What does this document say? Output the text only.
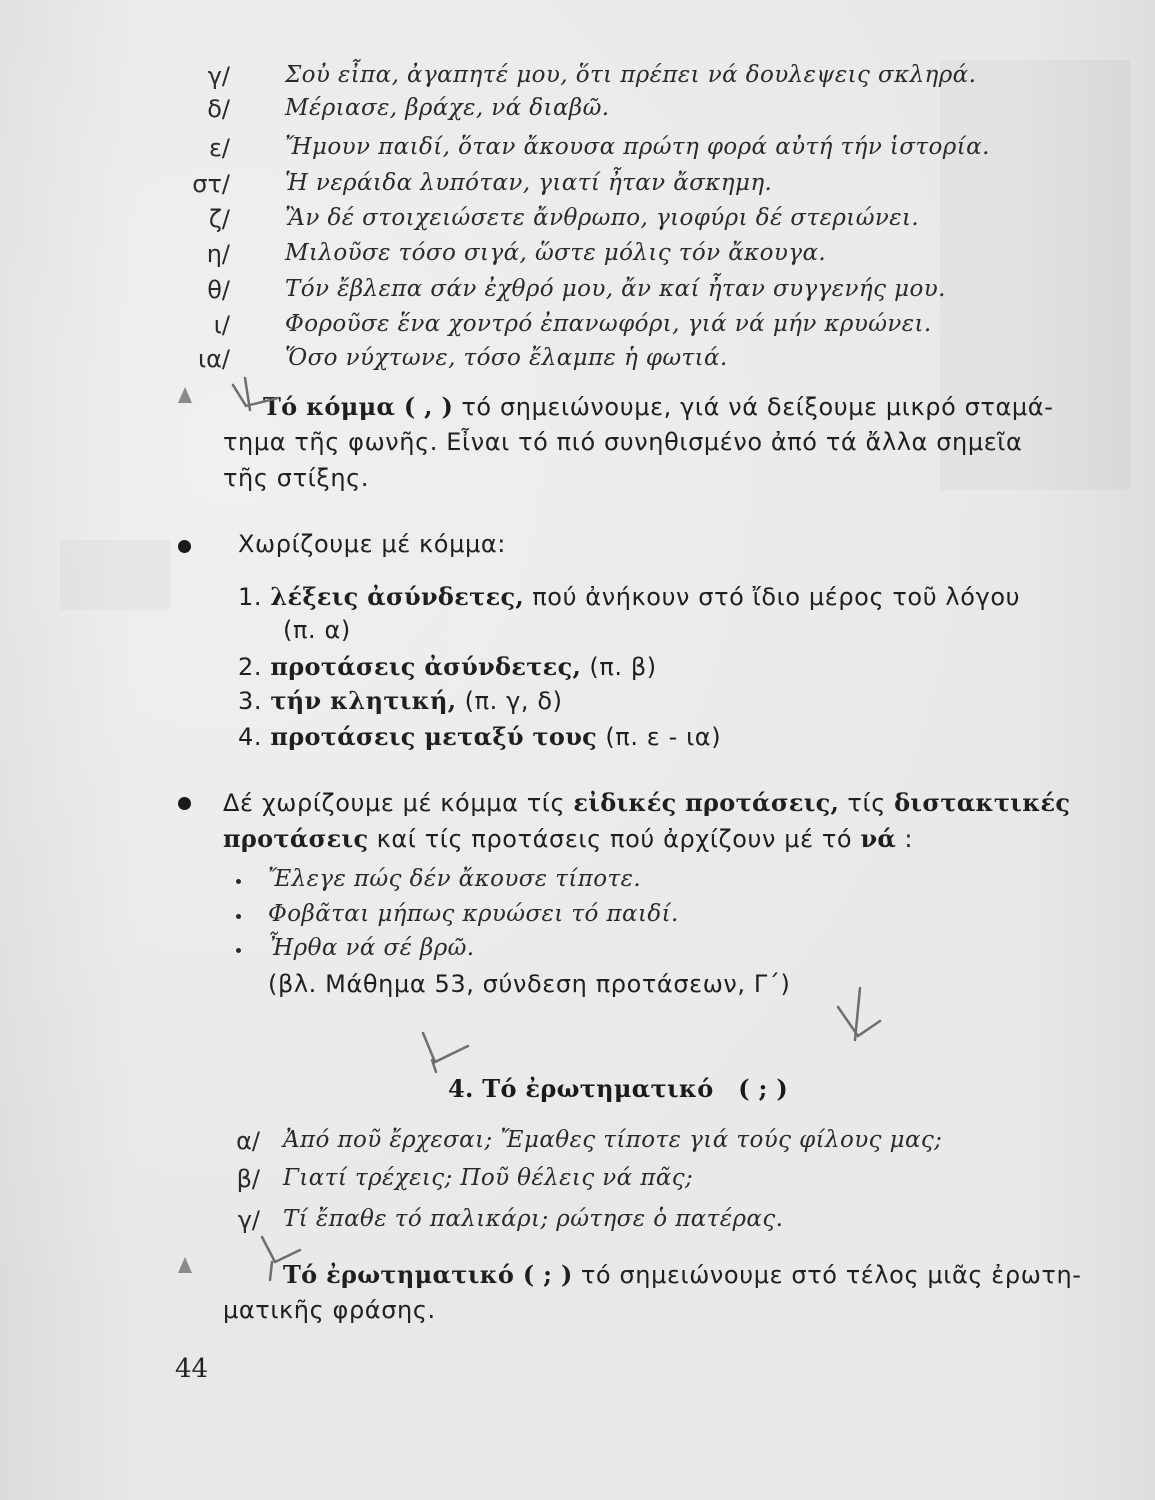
γ/ Σοὐ εἶπα, ἀγαπητέ μου, ὅτι πρέπει νά δουλεψεις σκληρά.
δ/ Μέριασε, βράχε, νά διαβῶ.
ε/ Ἤμουν παιδί, ὅταν ἄκουσα πρώτη φορά αὐτή τήν ἱστορία.
στ/ Ἡ νεράιδα λυπόταν, γιατί ἦταν ἄσκημη.
ζ/ Ἂν δέ στοιχειώσετε ἄνθρωπο, γιοφύρι δέ στεριώνει.
η/ Μιλοῦσε τόσο σιγά, ὥστε μόλις τόν ἄκουγα.
θ/ Τόν ἔβλεπα σάν ἐχθρό μου, ἄν καί ἦταν συγγενής μου.
ι/ Φοροῦσε ἕνα χοντρό ἐπανωφόρι, γιά νά μήν κρυώνει.
ια/ Ὅσο νύχτωνε, τόσο ἔλαμπε ἡ φωτιά.
Τό κόμμα ( , ) τό σημειώνουμε, γιά νά δείξουμε μικρό σταμά-
τημα τῆς φωνῆς. Εἶναι τό πιό συνηθισμένο ἀπό τά ἄλλα σημεῖα
τῆς στίξης.
Χωρίζουμε μέ κόμμα:
1. λέξεις ἀσύνδετες, πού ἀνήκουν στό ἴδιο μέρος τοῦ λόγου
(π. α)
2. προτάσεις ἀσύνδετες, (π. β)
3. τήν κλητική, (π. γ, δ)
4. προτάσεις μεταξύ τους (π. ε - ια)
Δέ χωρίζουμε μέ κόμμα τίς εἰδικές προτάσεις, τίς διστακτικές
προτάσεις καί τίς προτάσεις πού ἀρχίζουν μέ τό νά :
Ἔλεγε πώς δέν ἄκουσε τίποτε.
Φοβᾶται μήπως κρυώσει τό παιδί.
Ἦρθα νά σέ βρῶ.
(βλ. Μάθημα 53, σύνδεση προτάσεων, Γ΄)
4. Τό ἐρωτηματικό ( ; )
α/ Ἀπό ποῦ ἔρχεσαι; Ἔμαθες τίποτε γιά τούς φίλους μας;
β/ Γιατί τρέχεις; Ποῦ θέλεις νά πᾶς;
γ/ Τί ἔπαθε τό παλικάρι; ρώτησε ὁ πατέρας.
Τό ἐρωτηματικό ( ; ) τό σημειώνουμε στό τέλος μιᾶς ἐρωτη-
ματικῆς φράσης.
44
